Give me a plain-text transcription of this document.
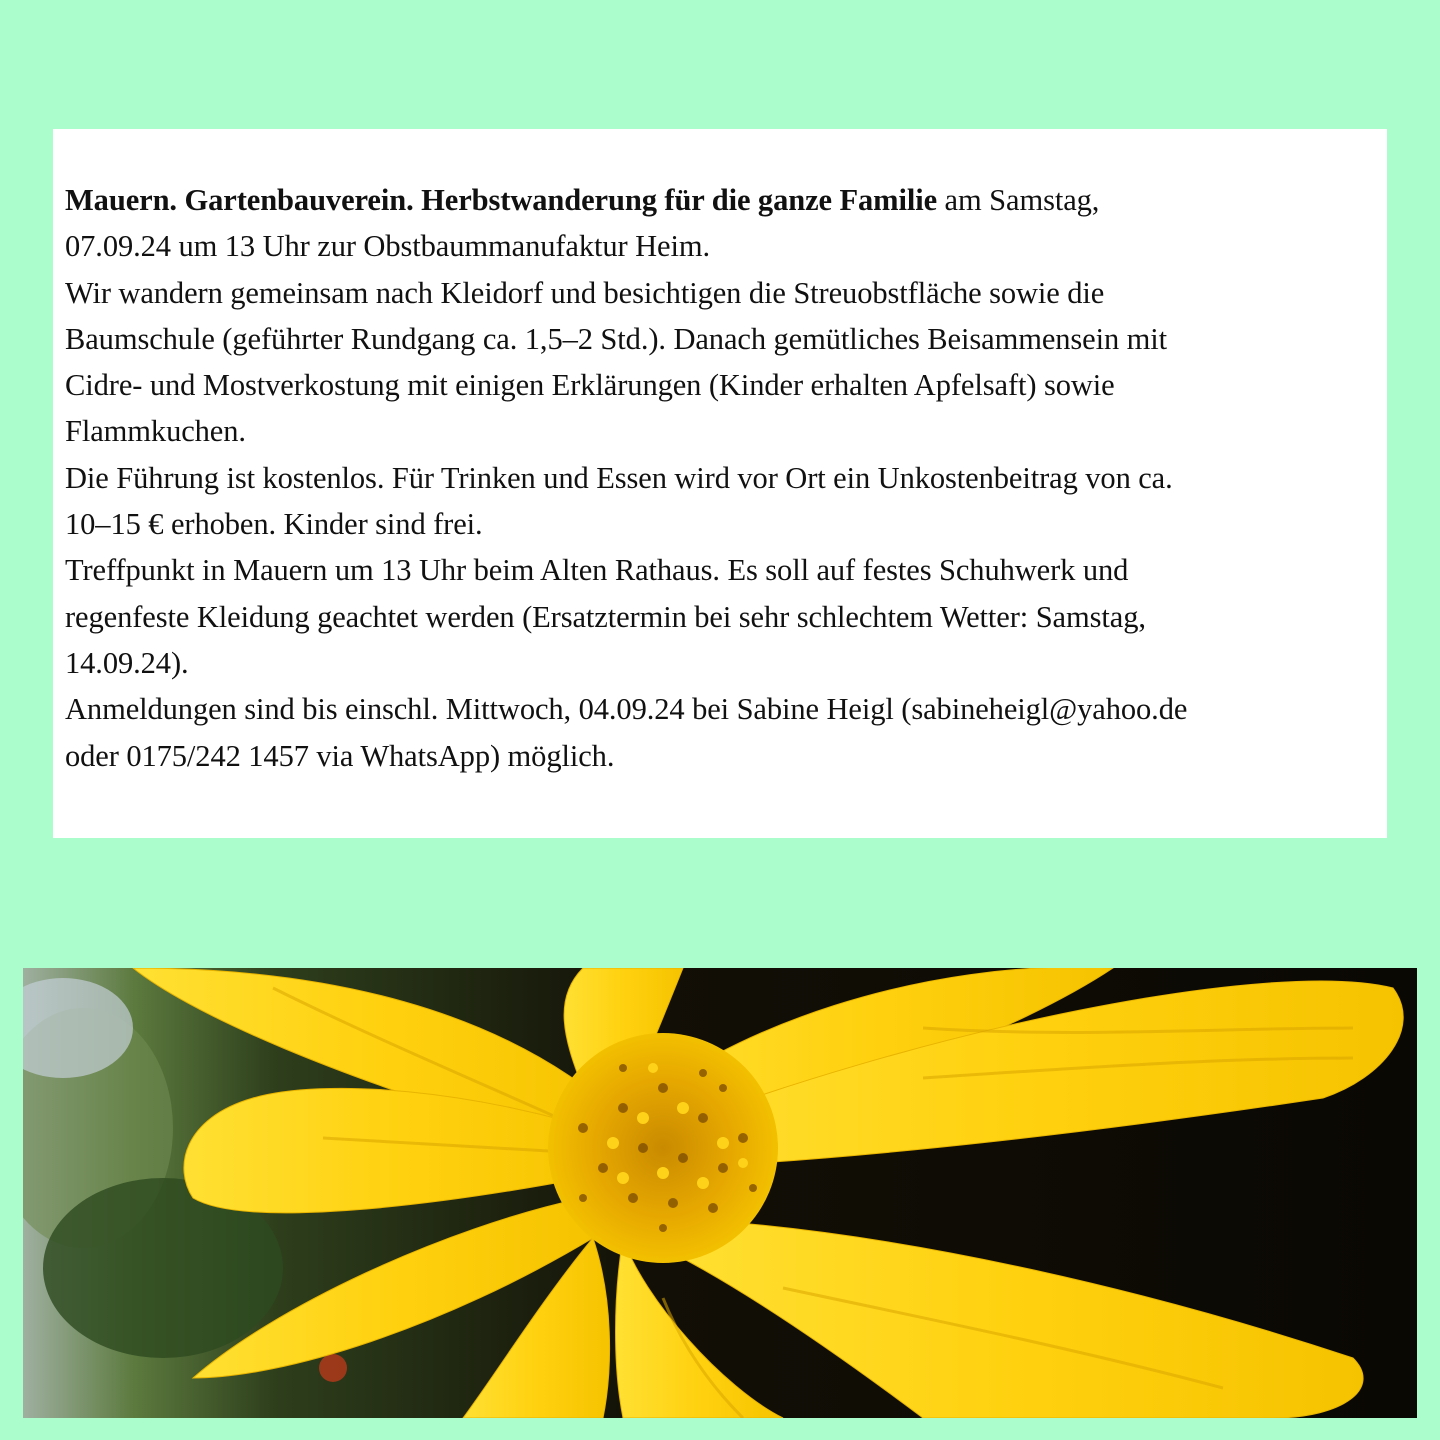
Mauern. Gartenbauverein. Herbstwanderung für die ganze Familie am Samstag,

07.09.24 um 13 Uhr zur Obstbaummanufaktur Heim.

Wir wandern gemeinsam nach Kleidorf und besichtigen die Streuobstfläche sowie die

Baumschule (geführter Rundgang ca. 1,5–2 Std.). Danach gemütliches Beisammensein mit

Cidre- und Mostverkostung mit einigen Erklärungen (Kinder erhalten Apfelsaft) sowie

Flammkuchen.

Die Führung ist kostenlos. Für Trinken und Essen wird vor Ort ein Unkostenbeitrag von ca.

10–15 € erhoben. Kinder sind frei.

Treffpunkt in Mauern um 13 Uhr beim Alten Rathaus. Es soll auf festes Schuhwerk und

regenfeste Kleidung geachtet werden (Ersatztermin bei sehr schlechtem Wetter: Samstag,

14.09.24).

Anmeldungen sind bis einschl. Mittwoch, 04.09.24 bei Sabine Heigl (sabineheigl@yahoo.de

oder 0175/242 1457 via WhatsApp) möglich.
